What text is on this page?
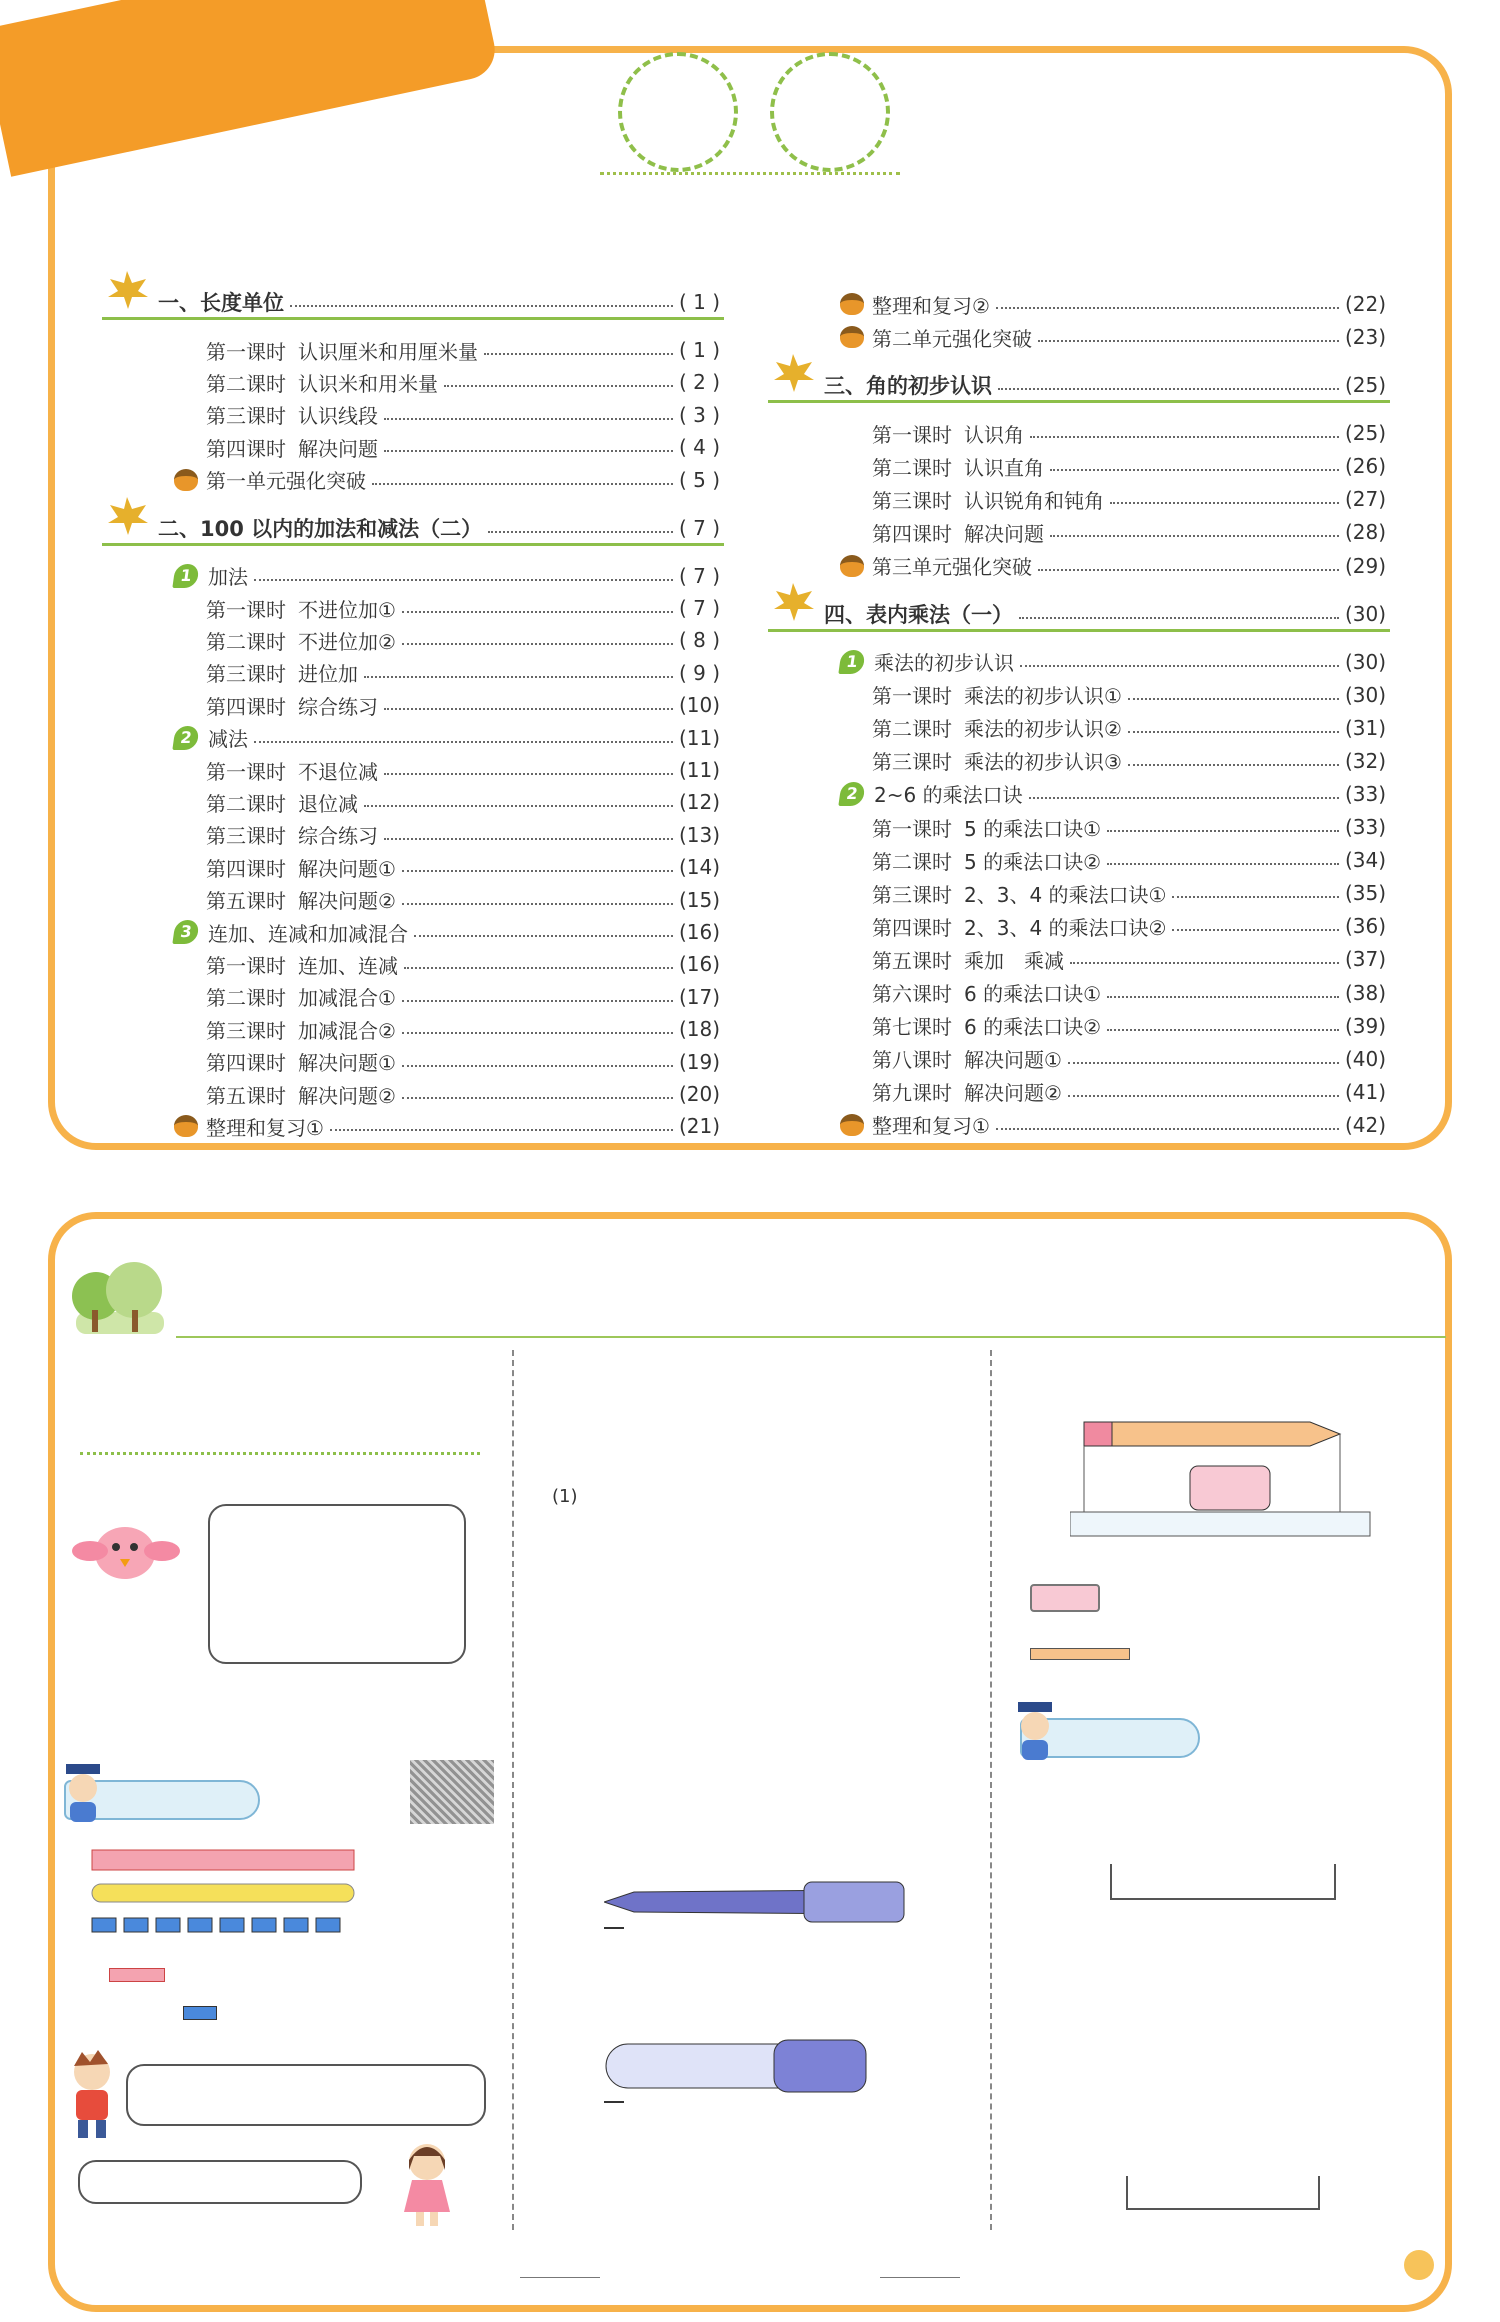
一、长度单位	( 1 )
第一课时 认识厘米和用厘米量	( 1 )
第二课时 认识米和用米量	( 2 )
第三课时 认识线段	( 3 )
第四课时 解决问题	( 4 )
第一单元强化突破	( 5 )
二、100 以内的加法和减法（二）	( 7 )
1 加法	( 7 )
第一课时 不进位加①	( 7 )
第二课时 不进位加②	( 8 )
第三课时 进位加	( 9 )
第四课时 综合练习	(10)
2 减法	(11)
第一课时 不退位减	(11)
第二课时 退位减	(12)
第三课时 综合练习	(13)
第四课时 解决问题①	(14)
第五课时 解决问题②	(15)
3 连加、连减和加减混合	(16)
第一课时 连加、连减	(16)
第二课时 加减混合①	(17)
第三课时 加减混合②	(18)
第四课时 解决问题①	(19)
第五课时 解决问题②	(20)
整理和复习①	(21)
整理和复习②	(22)
第二单元强化突破	(23)
三、角的初步认识	(25)
第一课时 认识角	(25)
第二课时 认识直角	(26)
第三课时 认识锐角和钝角	(27)
第四课时 解决问题	(28)
第三单元强化突破	(29)
四、表内乘法（一）	(30)
1 乘法的初步认识	(30)
第一课时 乘法的初步认识①	(30)
第二课时 乘法的初步认识②	(31)
第三课时 乘法的初步认识③	(32)
2 2~6 的乘法口诀	(33)
第一课时 5 的乘法口诀①	(33)
第二课时 5 的乘法口诀②	(34)
第三课时 2、3、4 的乘法口诀①	(35)
第四课时 2、3、4 的乘法口诀②	(36)
第五课时 乘加　乘减	(37)
第六课时 6 的乘法口诀①	(38)
第七课时 6 的乘法口诀②	(39)
第八课时 解决问题①	(40)
第九课时 解决问题②	(41)
整理和复习①	(42)

(1)
